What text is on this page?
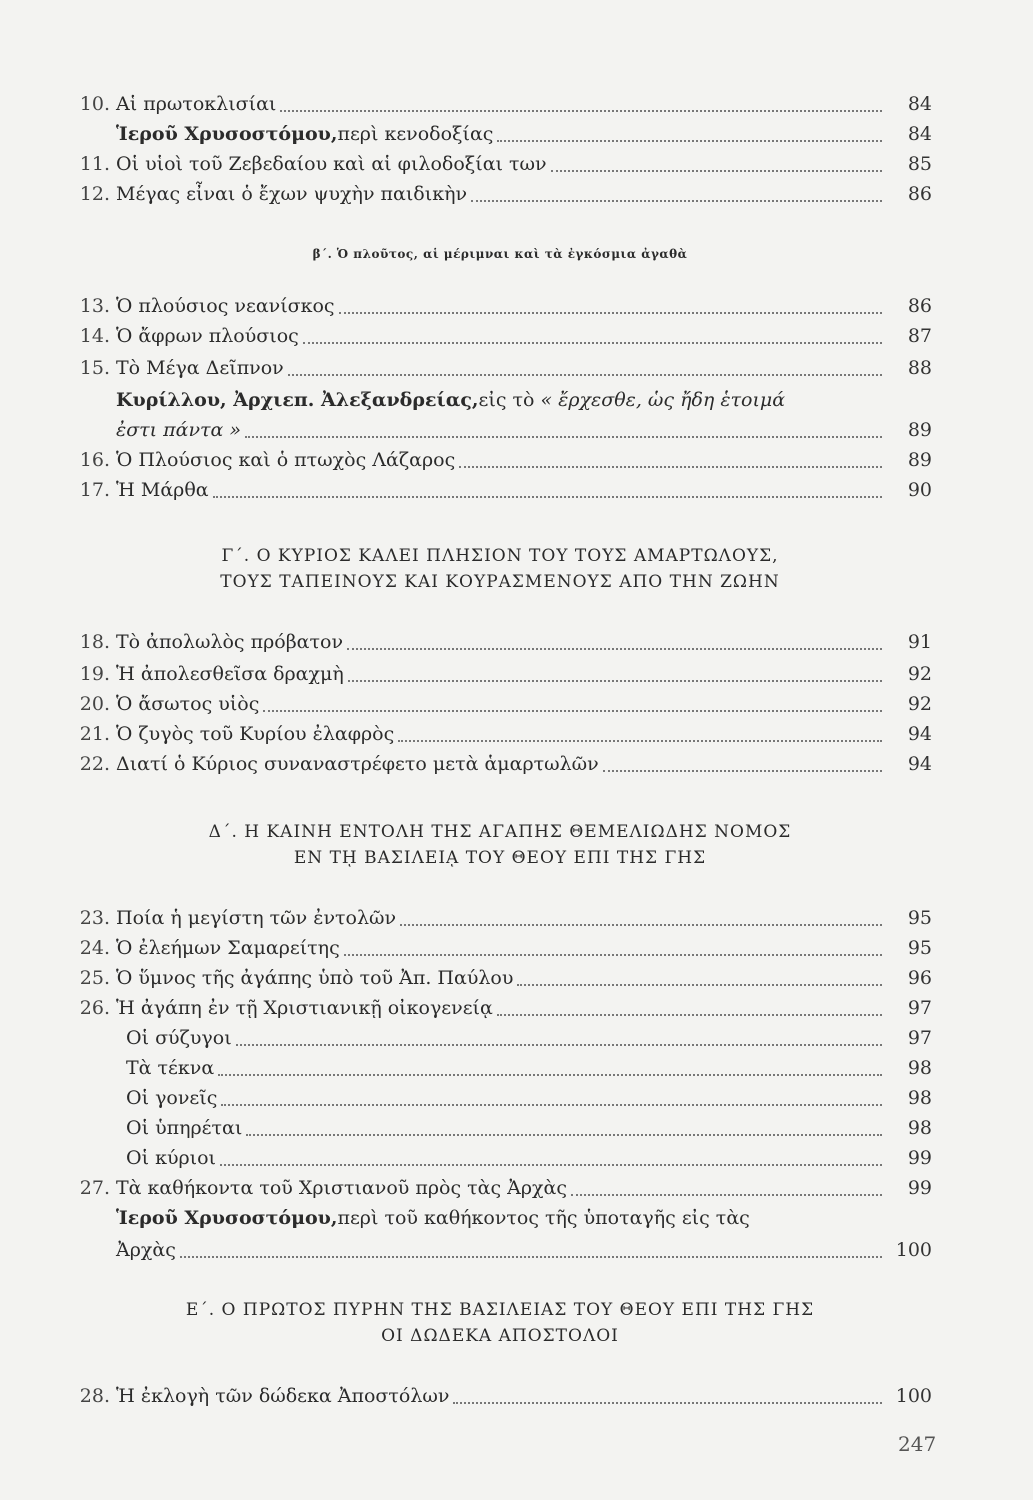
10. Αἱ πρωτοκλισίαι	84
Ἱεροῦ Χρυσοστόμου, περὶ κενοδοξίας	84
11. Οἱ υἱοὶ τοῦ Ζεβεδαίου καὶ αἱ φιλοδοξίαι των	85
12. Μέγας εἶναι ὁ ἔχων ψυχὴν παιδικὴν	86
β΄. Ὁ πλοῦτος, αἱ μέριμναι καὶ τὰ ἐγκόσμια ἀγαθὰ
13. Ὁ πλούσιος νεανίσκος	86
14. Ὁ ἄφρων πλούσιος	87
15. Τὸ Μέγα Δεῖπνον	88
Κυρίλλου, Ἀρχιεπ. Ἀλεξανδρείας, εἰς τὸ « ἔρχεσθε, ὡς ἤδη ἑτοιμά
ἐστι πάντα »	89
16. Ὁ Πλούσιος καὶ ὁ πτωχὸς Λάζαρος	89
17. Ἡ Μάρθα	90
Γ΄. Ο ΚΥΡΙΟΣ ΚΑΛΕΙ ΠΛΗΣΙΟΝ ΤΟΥ ΤΟΥΣ ΑΜΑΡΤΩΛΟΥΣ,
ΤΟΥΣ ΤΑΠΕΙΝΟΥΣ ΚΑΙ ΚΟΥΡΑΣΜΕΝΟΥΣ ΑΠΟ ΤΗΝ ΖΩΗΝ
18. Τὸ ἀπολωλὸς πρόβατον	91
19. Ἡ ἀπολεσθεῖσα δραχμὴ	92
20. Ὁ ἄσωτος υἱὸς	92
21. Ὁ ζυγὸς τοῦ Κυρίου ἐλαφρὸς	94
22. Διατί ὁ Κύριος συναναστρέφετο μετὰ ἁμαρτωλῶν	94
Δ΄. Η ΚΑΙΝΗ ΕΝΤΟΛΗ ΤΗΣ ΑΓΑΠΗΣ ΘΕΜΕΛΙΩΔΗΣ ΝΟΜΟΣ
ΕΝ Τῌ ΒΑΣΙΛΕΙᾼ ΤΟΥ ΘΕΟΥ ΕΠΙ ΤΗΣ ΓΗΣ
23. Ποία ἡ μεγίστη τῶν ἐντολῶν	95
24. Ὁ ἐλεήμων Σαμαρείτης	95
25. Ὁ ὕμνος τῆς ἀγάπης ὑπὸ τοῦ Ἀπ. Παύλου	96
26. Ἡ ἀγάπη ἐν τῇ Χριστιανικῇ οἰκογενείᾳ	97
Οἱ σύζυγοι	97
Τὰ τέκνα	98
Οἱ γονεῖς	98
Οἱ ὑπηρέται	98
Οἱ κύριοι	99
27. Τὰ καθήκοντα τοῦ Χριστιανοῦ πρὸς τὰς Ἀρχὰς	99
Ἱεροῦ Χρυσοστόμου, περὶ τοῦ καθήκοντος τῆς ὑποταγῆς εἰς τὰς
Ἀρχὰς	100
Ε΄. Ο ΠΡΩΤΟΣ ΠΥΡΗΝ ΤΗΣ ΒΑΣΙΛΕΙΑΣ ΤΟΥ ΘΕΟΥ ΕΠΙ ΤΗΣ ΓΗΣ
ΟΙ ΔΩΔΕΚΑ ΑΠΟΣΤΟΛΟΙ
28. Ἡ ἐκλογὴ τῶν δώδεκα Ἀποστόλων	100
247
